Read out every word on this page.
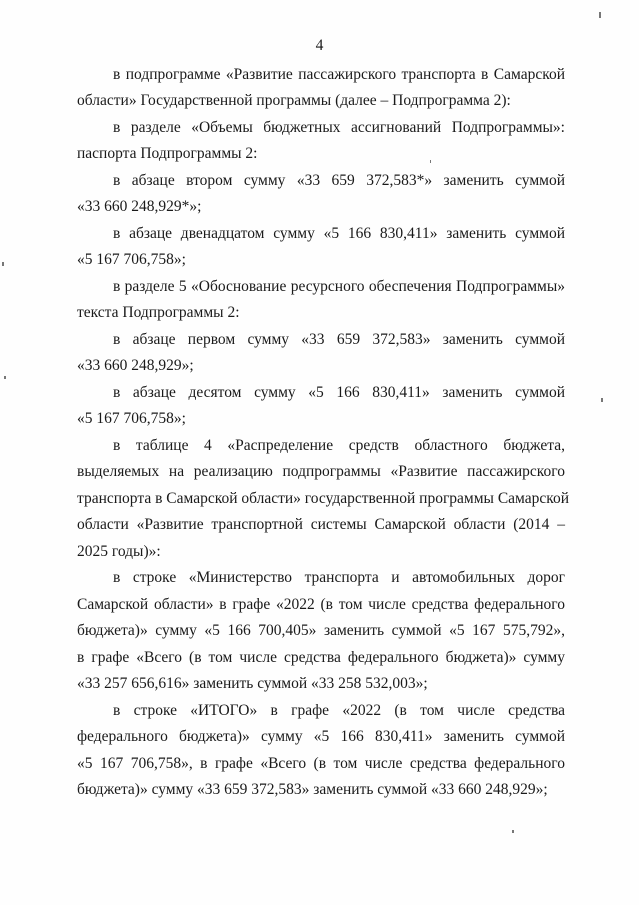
4
в подпрограмме «Развитие пассажирского транспорта в Самарской
области» Государственной программы (далее – Подпрограмма 2):
в разделе «Объемы бюджетных ассигнований Подпрограммы»:
паспорта Подпрограммы 2:
в абзаце втором сумму «33 659 372,583*» заменить суммой
«33 660 248,929*»;
в абзаце двенадцатом сумму «5 166 830,411» заменить суммой
«5 167 706,758»;
в разделе 5 «Обоснование ресурсного обеспечения Подпрограммы»
текста Подпрограммы 2:
в абзаце первом сумму «33 659 372,583» заменить суммой
«33 660 248,929»;
в абзаце десятом сумму «5 166 830,411» заменить суммой
«5 167 706,758»;
в таблице 4 «Распределение средств областного бюджета,
выделяемых на реализацию подпрограммы «Развитие пассажирского
транспорта в Самарской области» государственной программы Самарской
области «Развитие транспортной системы Самарской области (2014 –
2025 годы)»:
в строке «Министерство транспорта и автомобильных дорог
Самарской области» в графе «2022 (в том числе средства федерального
бюджета)» сумму «5 166 700,405» заменить суммой «5 167 575,792»,
в графе «Всего (в том числе средства федерального бюджета)» сумму
«33 257 656,616» заменить суммой «33 258 532,003»;
в строке «ИТОГО» в графе «2022 (в том числе средства
федерального бюджета)» сумму «5 166 830,411» заменить суммой
«5 167 706,758», в графе «Всего (в том числе средства федерального
бюджета)» сумму «33 659 372,583» заменить суммой «33 660 248,929»;
